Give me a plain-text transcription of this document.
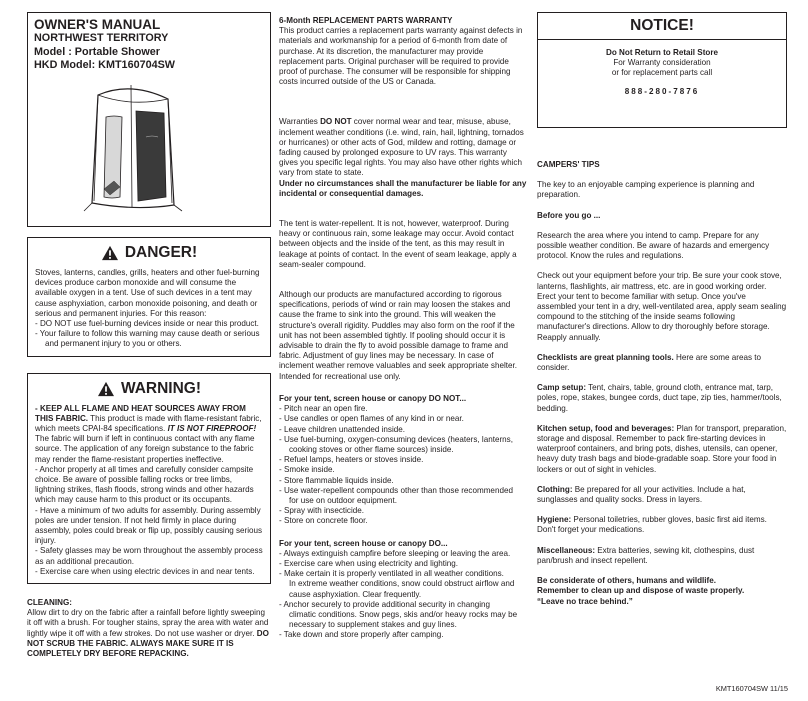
OWNER'S MANUAL
NORTHWEST TERRITORY
Model : Portable Shower
HKD Model: KMT160704SW
DANGER!

Stoves, lanterns, candles, grills, heaters and other fuel-burning devices produce carbon monoxide and will consume the available oxygen in a tent. Use of such devices in a tent may cause asphyxiation, carbon monoxide poisoning, and death or serious and permanent injuries. For this reason:

- DO NOT use fuel-burning devices inside or near this product.

- Your failure to follow this warning may cause death or serious

and permanent injury to you or others.

WARNING!

- KEEP ALL FLAME AND HEAT SOURCES AWAY FROM THIS FABRIC. This product is made with flame-resistant fabric, which meets CPAI-84 specifications. IT IS NOT FIREPROOF! The fabric will burn if left in continuous contact with any flame source. The application of any foreign substance to the fabric may render the flame-resistant properties ineffective.

- Anchor properly at all times and carefully consider campsite choice. Be aware of possible falling rocks or tree limbs, lightning strikes, flash floods, strong winds and other hazards which may cause harm to this product or its occupants.

- Have a minimum of two adults for assembly. During assembly poles are under tension. If not held firmly in place during assembly, poles could break or flip up, possibly causing serious injury.

- Safety glasses may be worn throughout the assembly process as an additional precaution.

- Exercise care when using electric devices in and near tents.

CLEANING:

Allow dirt to dry on the fabric after a rainfall before lightly sweeping it off with a brush. For tougher stains, spray the area with water and lightly wipe it off with a few strokes. Do not use washer or dryer. DO NOT SCRUB THE FABRIC. ALWAYS MAKE SURE IT IS COMPLETELY DRY BEFORE REPACKING.

6-Month REPLACEMENT PARTS WARRANTY

This product carries a replacement parts warranty against defects in materials and workmanship for a period of 6-month from date of purchase. At its discretion, the manufacturer may provide replacement parts. Original purchaser will be required to provide proof of purchase. The consumer will be responsible for shipping costs incurred outside of the US or Canada.

Warranties DO NOT cover normal wear and tear, misuse, abuse, inclement weather conditions (i.e. wind, rain, hail, lightning, tornados or hurricanes) or other acts of God, mildew and rotting, damage or fading caused by prolonged exposure to UV rays. This warranty gives you specific legal rights. You may also have other rights which vary from state to state.

Under no circumstances shall the manufacturer be liable for any incidental or consequential damages.

The tent is water-repellent. It is not, however, waterproof. During heavy or continuous rain, some leakage may occur. Avoid contact between objects and the inside of the tent, as this may result in leakage at points of contact. In the event of seam leakage, apply a seam-sealer compound.

Although our products are manufactured according to rigorous specifications, periods of wind or rain may loosen the stakes and cause the frame to sink into the ground. This will weaken the structure's overall rigidity. Puddles may also form on the roof if the unit has not been assembled tightly. If pooling should occur it is advisable to drain the fly to avoid possible damage to frame and fabric. Adjustment of guy lines may be necessary. In case of inclement weather remove valuables and seek appropriate shelter. Intended for recreational use only.

For your tent, screen house or canopy DO NOT...

- Pitch near an open fire.

- Use candles or open flames of any kind in or near.

- Leave children unattended inside.

- Use fuel-burning, oxygen-consuming devices (heaters, lanterns,

cooking stoves or other flame sources) inside.

- Refuel lamps, heaters or stoves inside.

- Smoke inside.

- Store flammable liquids inside.

- Use water-repellent compounds other than those recommended

for use on outdoor equipment.

- Spray with insecticide.

- Store on concrete floor.

For your tent, screen house or canopy DO...

- Always extinguish campfire before sleeping or leaving the area.

- Exercise care when using electricity and lighting.

- Make certain it is properly ventilated in all weather conditions.

In extreme weather conditions, snow could obstruct airflow and

cause asphyxiation. Clear frequently.

- Anchor securely to provide additional security in changing

climatic conditions. Snow pegs, skis and/or heavy rocks may be

necessary to supplement stakes and guy lines.

- Take down and store properly after camping.

NOTICE!

Do Not Return to Retail Store

For Warranty consideration

or for replacement parts call

888-280-7876

CAMPERS' TIPS

The key to an enjoyable camping experience is planning and preparation.

Before you go ...

Research the area where you intend to camp. Prepare for any possible weather condition. Be aware of hazards and emergency protocol. Know the rules and regulations.

Check out your equipment before your trip. Be sure your cook stove, lanterns, flashlights, air mattress, etc. are in good working order. Erect your tent to become familiar with setup. Once you've assembled your tent in a dry, well-ventilated area, apply seam sealing compound to the stitching of the inside seams following manufacturer's directions. Allow to dry thoroughly before storage. Reapply annually.

Checklists are great planning tools. Here are some areas to consider.

Camp setup: Tent, chairs, table, ground cloth, entrance mat, tarp, poles, rope, stakes, bungee cords, duct tape, zip ties, hammer/tools, bedding.

Kitchen setup, food and beverages: Plan for transport, preparation, storage and disposal. Remember to pack fire-starting devices in waterproof containers, and bring pots, dishes, utensils, can opener, heavy duty trash bags and biode-gradable soap. Store your food in lockers or out of sight in vehicles.

Clothing: Be prepared for all your activities. Include a hat, sunglasses and quality socks. Dress in layers.

Hygiene: Personal toiletries, rubber gloves, basic first aid items. Don't forget your medications.

Miscellaneous: Extra batteries, sewing kit, clothespins, dust pan/brush and insect repellent.

Be considerate of others, humans and wildlife.

Remember to clean up and dispose of waste properly.

“Leave no trace behind.”

KMT160704SW 11/15
